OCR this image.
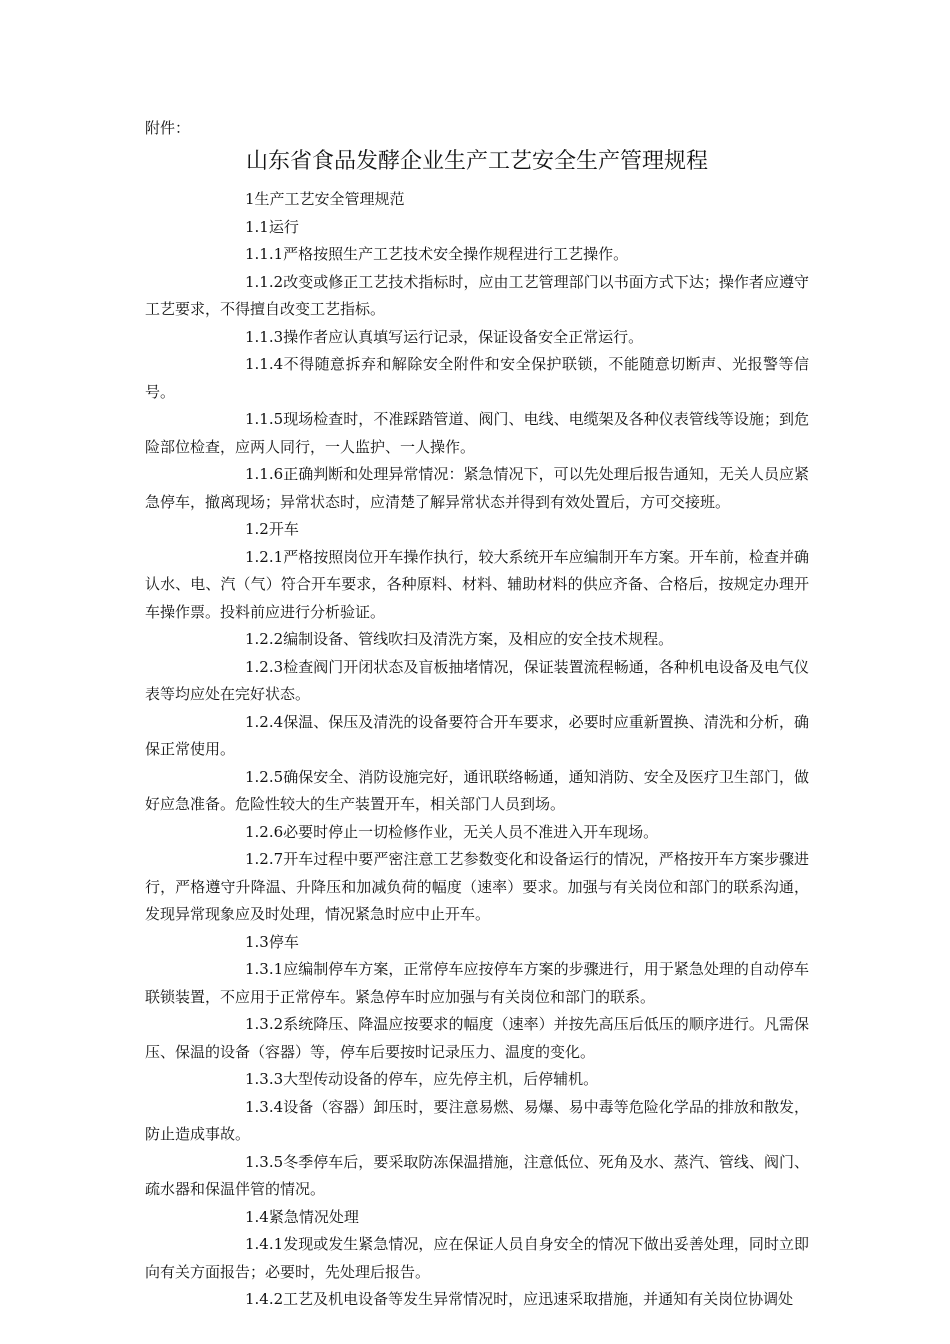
附件：
山东省食品发酵企业生产工艺安全生产管理规程

1生产工艺安全管理规范

1.1运行

1.1.1严格按照生产工艺技术安全操作规程进行工艺操作。

1.1.2改变或修正工艺技术指标时，应由工艺管理部门以书面方式下达；操作者应遵守工艺要求，不得擅自改变工艺指标。

1.1.3操作者应认真填写运行记录，保证设备安全正常运行。

1.1.4不得随意拆弃和解除安全附件和安全保护联锁，不能随意切断声、光报警等信号。

1.1.5现场检查时，不准踩踏管道、阀门、电线、电缆架及各种仪表管线等设施；到危险部位检查，应两人同行，一人监护、一人操作。

1.1.6正确判断和处理异常情况：紧急情况下，可以先处理后报告通知，无关人员应紧急停车，撤离现场；异常状态时，应清楚了解异常状态并得到有效处置后，方可交接班。

1.2开车

1.2.1严格按照岗位开车操作执行，较大系统开车应编制开车方案。开车前，检查并确认水、电、汽（气）符合开车要求，各种原料、材料、辅助材料的供应齐备、合格后，按规定办理开车操作票。投料前应进行分析验证。

1.2.2编制设备、管线吹扫及清洗方案，及相应的安全技术规程。

1.2.3检查阀门开闭状态及盲板抽堵情况，保证装置流程畅通，各种机电设备及电气仪表等均应处在完好状态。

1.2.4保温、保压及清洗的设备要符合开车要求，必要时应重新置换、清洗和分析，确保正常使用。

1.2.5确保安全、消防设施完好，通讯联络畅通，通知消防、安全及医疗卫生部门，做好应急准备。危险性较大的生产装置开车，相关部门人员到场。

1.2.6必要时停止一切检修作业，无关人员不准进入开车现场。

1.2.7开车过程中要严密注意工艺参数变化和设备运行的情况，严格按开车方案步骤进行，严格遵守升降温、升降压和加减负荷的幅度（速率）要求。加强与有关岗位和部门的联系沟通，发现异常现象应及时处理，情况紧急时应中止开车。

1.3停车

1.3.1应编制停车方案，正常停车应按停车方案的步骤进行，用于紧急处理的自动停车联锁装置，不应用于正常停车。紧急停车时应加强与有关岗位和部门的联系。

1.3.2系统降压、降温应按要求的幅度（速率）并按先高压后低压的顺序进行。凡需保压、保温的设备（容器）等，停车后要按时记录压力、温度的变化。

1.3.3大型传动设备的停车，应先停主机，后停辅机。

1.3.4设备（容器）卸压时，要注意易燃、易爆、易中毒等危险化学品的排放和散发，防止造成事故。

1.3.5冬季停车后，要采取防冻保温措施，注意低位、死角及水、蒸汽、管线、阀门、疏水器和保温伴管的情况。

1.4紧急情况处理

1.4.1发现或发生紧急情况，应在保证人员自身安全的情况下做出妥善处理，同时立即向有关方面报告；必要时，先处理后报告。

1.4.2工艺及机电设备等发生异常情况时，应迅速采取措施，并通知有关岗位协调处
